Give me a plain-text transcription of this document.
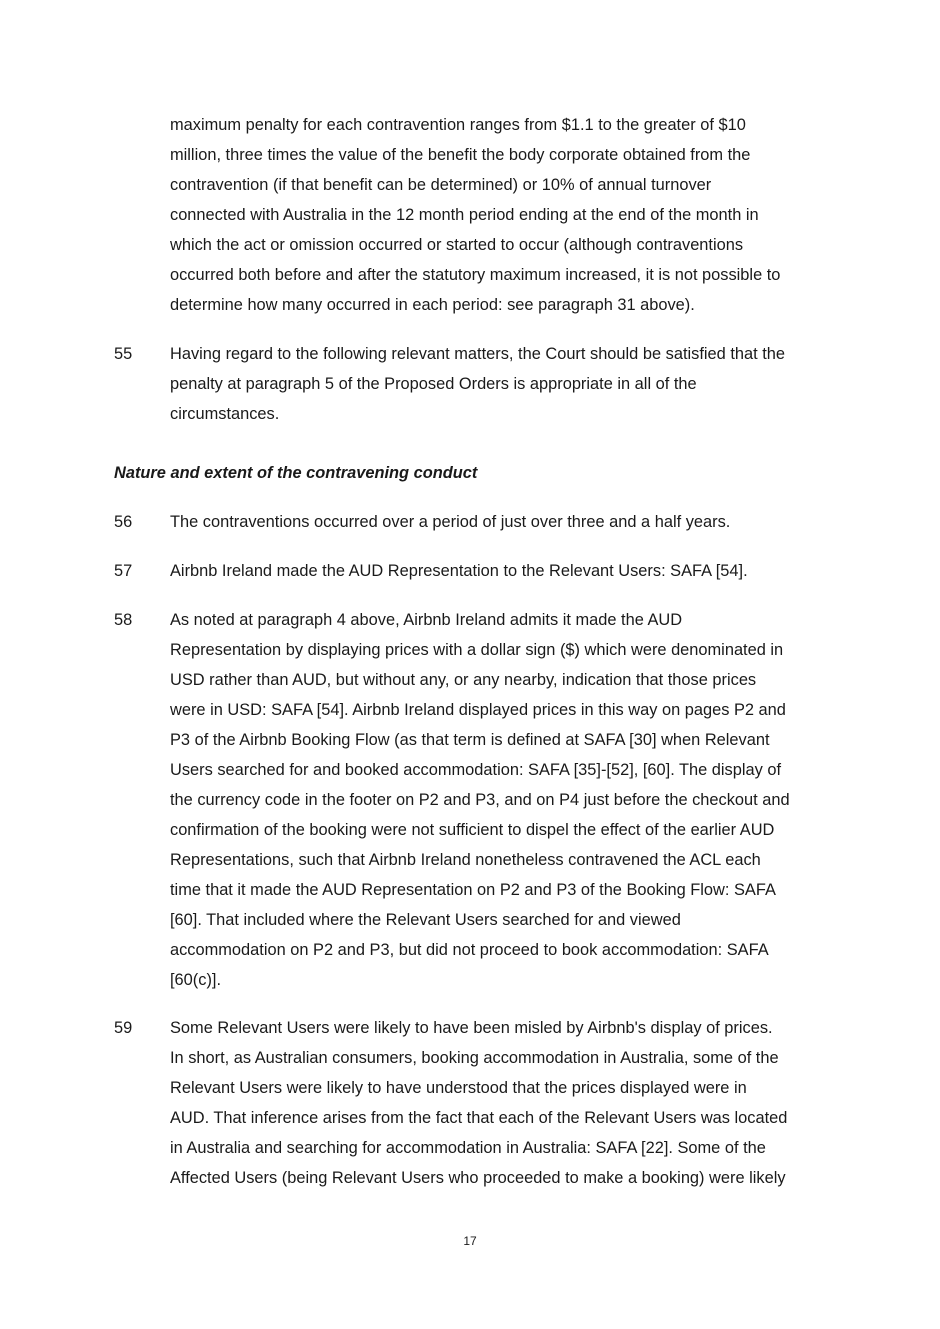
maximum penalty for each contravention ranges from $1.1 to the greater of $10
million, three times the value of the benefit the body corporate obtained from the
contravention (if that benefit can be determined) or 10% of annual turnover
connected with Australia in the 12 month period ending at the end of the month in
which the act or omission occurred or started to occur (although contraventions
occurred both before and after the statutory maximum increased, it is not possible to
determine how many occurred in each period: see paragraph 31 above).

55 Having regard to the following relevant matters, the Court should be satisfied that the
penalty at paragraph 5 of the Proposed Orders is appropriate in all of the
circumstances.

Nature and extent of the contravening conduct

56 The contraventions occurred over a period of just over three and a half years.

57 Airbnb Ireland made the AUD Representation to the Relevant Users: SAFA [54].

58 As noted at paragraph 4 above, Airbnb Ireland admits it made the AUD
Representation by displaying prices with a dollar sign ($) which were denominated in
USD rather than AUD, but without any, or any nearby, indication that those prices
were in USD: SAFA [54]. Airbnb Ireland displayed prices in this way on pages P2 and
P3 of the Airbnb Booking Flow (as that term is defined at SAFA [30] when Relevant
Users searched for and booked accommodation: SAFA [35]-[52], [60]. The display of
the currency code in the footer on P2 and P3, and on P4 just before the checkout and
confirmation of the booking were not sufficient to dispel the effect of the earlier AUD
Representations, such that Airbnb Ireland nonetheless contravened the ACL each
time that it made the AUD Representation on P2 and P3 of the Booking Flow: SAFA
[60]. That included where the Relevant Users searched for and viewed
accommodation on P2 and P3, but did not proceed to book accommodation: SAFA
[60(c)].

59 Some Relevant Users were likely to have been misled by Airbnb's display of prices.
In short, as Australian consumers, booking accommodation in Australia, some of the
Relevant Users were likely to have understood that the prices displayed were in
AUD. That inference arises from the fact that each of the Relevant Users was located
in Australia and searching for accommodation in Australia: SAFA [22]. Some of the
Affected Users (being Relevant Users who proceeded to make a booking) were likely

17
